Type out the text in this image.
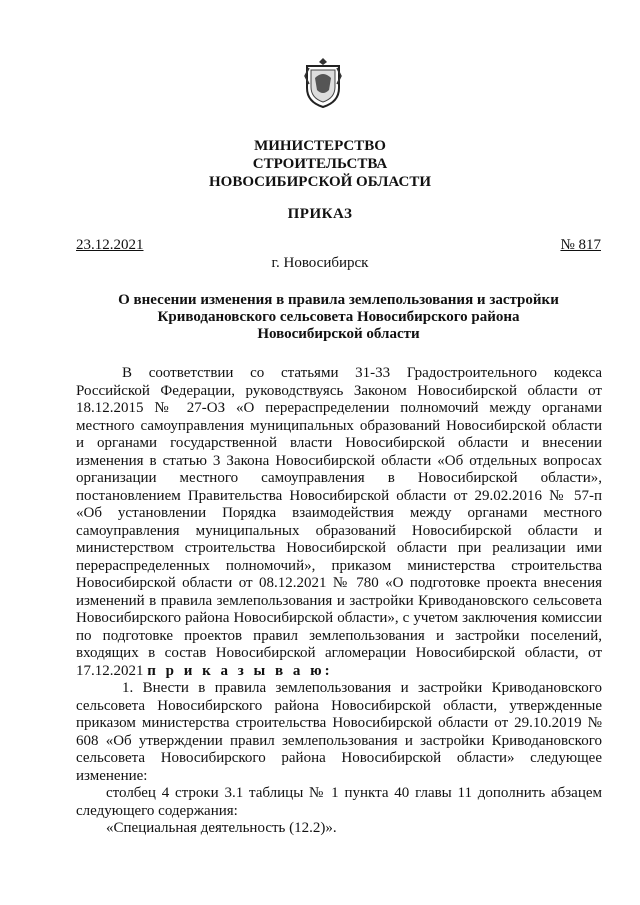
МИНИСТЕРСТВО
СТРОИТЕЛЬСТВА
НОВОСИБИРСКОЙ ОБЛАСТИ
ПРИКАЗ
23.12.2021	№ 817
г. Новосибирск
О внесении изменения в правила землепользования и застройки
Криводановского сельсовета Новосибирского района
Новосибирской области

В соответствии со статьями 31-33 Градостроительного кодекса Российской Федерации, руководствуясь Законом Новосибирской области от 18.12.2015 № 27-ОЗ «О перераспределении полномочий между органами местного самоуправления муниципальных образований Новосибирской области и органами государственной власти Новосибирской области и внесении изменения в статью 3 Закона Новосибирской области «Об отдельных вопросах организации местного самоуправления в Новосибирской области», постановлением Правительства Новосибирской области от 29.02.2016 № 57-п «Об установлении Порядка взаимодействия между органами местного самоуправления муниципальных образований Новосибирской области и министерством строительства Новосибирской области при реализации ими перераспределенных полномочий», приказом министерства строительства Новосибирской области от 08.12.2021 № 780 «О подготовке проекта внесения изменений в правила землепользования и застройки Криводановского сельсовета Новосибирского района Новосибирской области», с учетом заключения комиссии по подготовке проектов правил землепользования и застройки поселений, входящих в состав Новосибирской агломерации Новосибирской области, от 17.12.2021 п р и к а з ы в а ю:

1. Внести в правила землепользования и застройки Криводановского сельсовета Новосибирского района Новосибирской области, утвержденные приказом министерства строительства Новосибирской области от 29.10.2019 № 608 «Об утверждении правил землепользования и застройки Криводановского сельсовета Новосибирского района Новосибирской области» следующее изменение:

столбец 4 строки 3.1 таблицы № 1 пункта 40 главы 11 дополнить абзацем следующего содержания:

«Специальная деятельность (12.2)».
